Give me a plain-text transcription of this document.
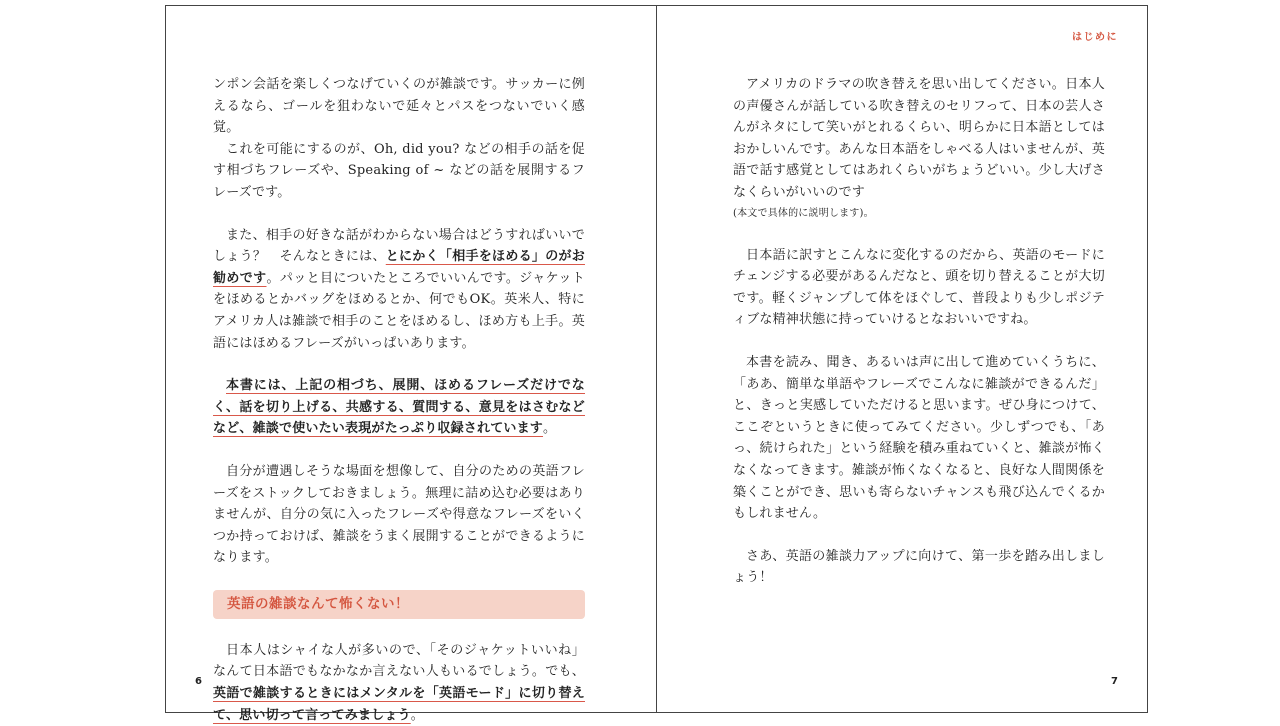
ンポン会話を楽しくつなげていくのが雑談です。サッカーに例えるなら、ゴールを狙わないで延々とパスをつないでいく感覚。

これを可能にするのが、Oh, did you? などの相手の話を促す相づちフレーズや、Speaking of ~ などの話を展開するフレーズです。

また、相手の好きな話がわからない場合はどうすればいいでしょう？　そんなときには、とにかく「相手をほめる」のがお勧めです。パッと目についたところでいいんです。ジャケットをほめるとかバッグをほめるとか、何でもOK。英米人、特にアメリカ人は雑談で相手のことをほめるし、ほめ方も上手。英語にはほめるフレーズがいっぱいあります。

本書には、上記の相づち、展開、ほめるフレーズだけでなく、話を切り上げる、共感する、質問する、意見をはさむなどなど、雑談で使いたい表現がたっぷり収録されています。

自分が遭遇しそうな場面を想像して、自分のための英語フレーズをストックしておきましょう。無理に詰め込む必要はありませんが、自分の気に入ったフレーズや得意なフレーズをいくつか持っておけば、雑談をうまく展開することができるようになります。

英語の雑談なんて怖くない！

日本人はシャイな人が多いので、「そのジャケットいいね」なんて日本語でもなかなか言えない人もいるでしょう。でも、英語で雑談するときにはメンタルを「英語モード」に切り替えて、思い切って言ってみましょう。

6
はじめに

アメリカのドラマの吹き替えを思い出してください。日本人の声優さんが話している吹き替えのセリフって、日本の芸人さんがネタにして笑いがとれるくらい、明らかに日本語としてはおかしいんです。あんな日本語をしゃべる人はいませんが、英語で話す感覚としてはあれくらいがちょうどいい。少し大げさなくらいがいいのです

(本文で具体的に説明します)。

日本語に訳すとこんなに変化するのだから、英語のモードにチェンジする必要があるんだなと、頭を切り替えることが大切です。軽くジャンプして体をほぐして、普段よりも少しポジティブな精神状態に持っていけるとなおいいですね。

本書を読み、聞き、あるいは声に出して進めていくうちに、「ああ、簡単な単語やフレーズでこんなに雑談ができるんだ」と、きっと実感していただけると思います。ぜひ身につけて、ここぞというときに使ってみてください。少しずつでも、「あっ、続けられた」という経験を積み重ねていくと、雑談が怖くなくなってきます。雑談が怖くなくなると、良好な人間関係を築くことができ、思いも寄らないチャンスも飛び込んでくるかもしれません。

さあ、英語の雑談力アップに向けて、第一歩を踏み出しましょう！

7
